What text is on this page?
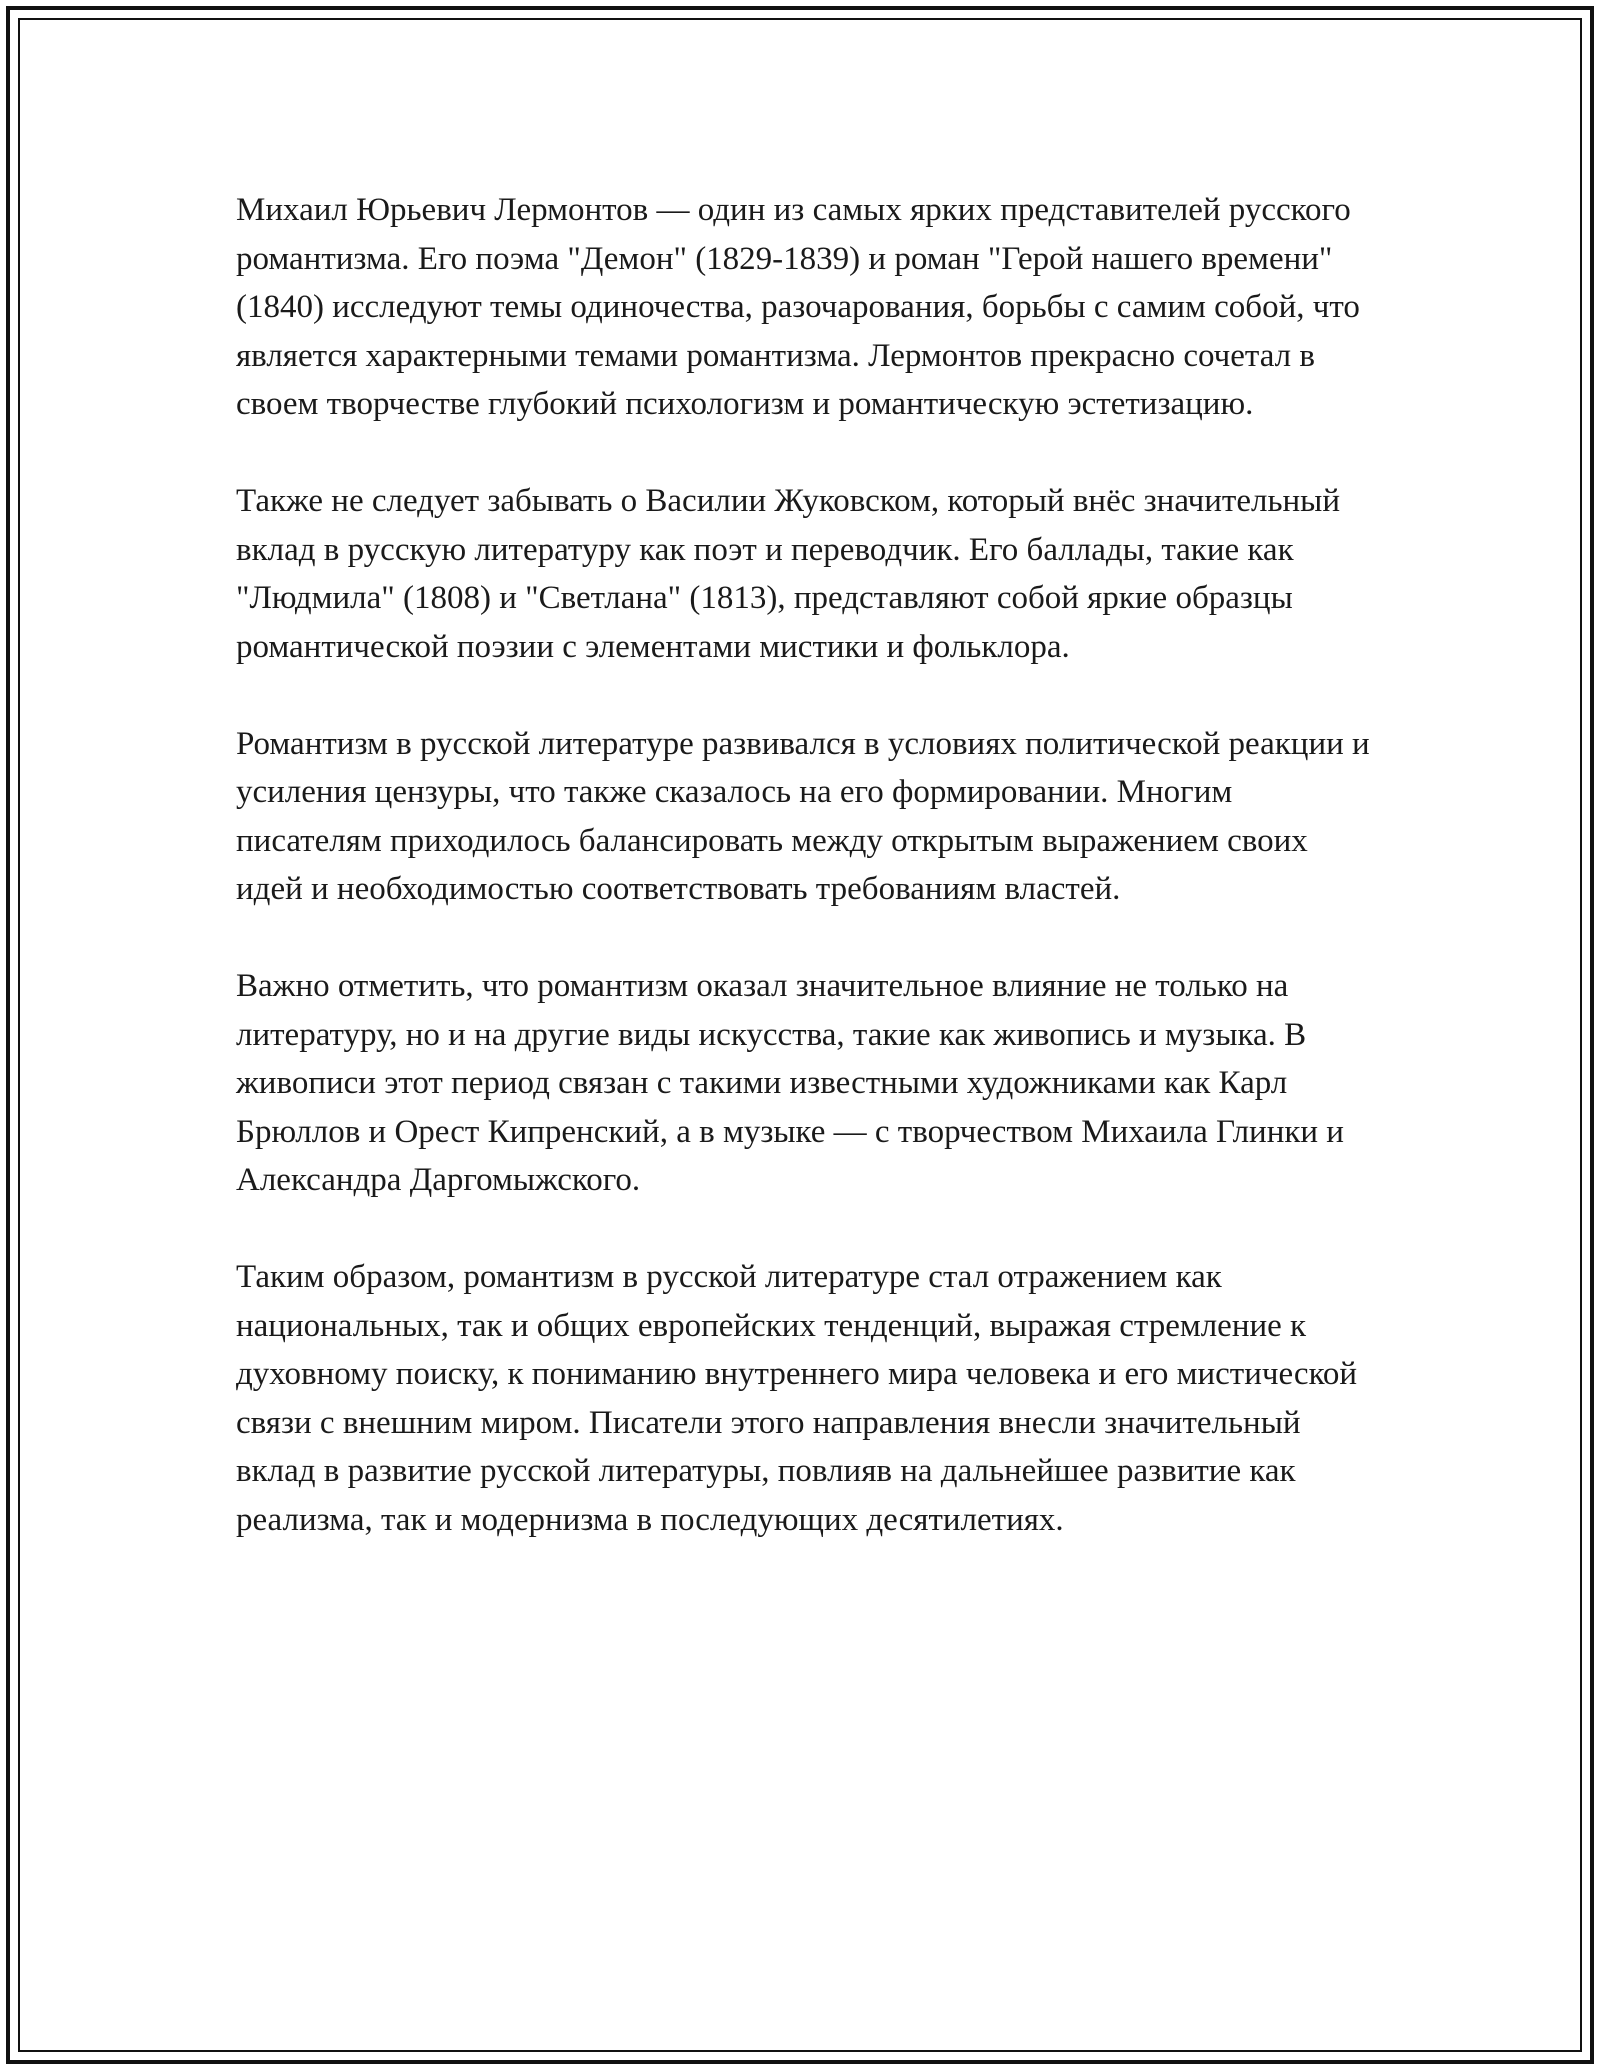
Михаил Юрьевич Лермонтов — один из самых ярких представителей русского романтизма. Его поэма "Демон" (1829-1839) и роман "Герой нашего времени" (1840) исследуют темы одиночества, разочарования, борьбы с самим собой, что является характерными темами романтизма. Лермонтов прекрасно сочетал в своем творчестве глубокий психологизм и романтическую эстетизацию.

Также не следует забывать о Василии Жуковском, который внёс значительный вклад в русскую литературу как поэт и переводчик. Его баллады, такие как "Людмила" (1808) и "Светлана" (1813), представляют собой яркие образцы романтической поэзии с элементами мистики и фольклора.

Романтизм в русской литературе развивался в условиях политической реакции и усиления цензуры, что также сказалось на его формировании. Многим писателям приходилось балансировать между открытым выражением своих идей и необходимостью соответствовать требованиям властей.

Важно отметить, что романтизм оказал значительное влияние не только на литературу, но и на другие виды искусства, такие как живопись и музыка. В живописи этот период связан с такими известными художниками как Карл Брюллов и Орест Кипренский, а в музыке — с творчеством Михаила Глинки и Александра Даргомыжского.

Таким образом, романтизм в русской литературе стал отражением как национальных, так и общих европейских тенденций, выражая стремление к духовному поиску, к пониманию внутреннего мира человека и его мистической связи с внешним миром. Писатели этого направления внесли значительный вклад в развитие русской литературы, повлияв на дальнейшее развитие как реализма, так и модернизма в последующих десятилетиях.
